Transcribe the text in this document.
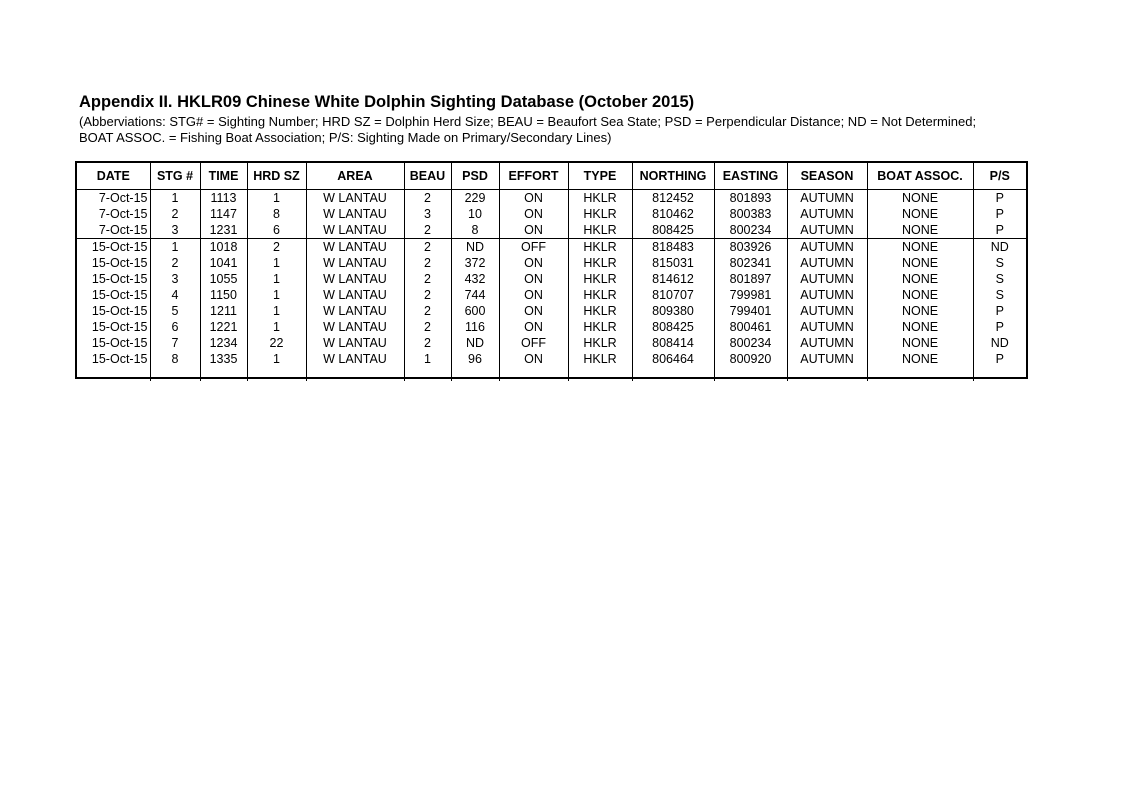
Appendix II. HKLR09 Chinese White Dolphin Sighting Database (October 2015)
(Abberviations: STG# = Sighting Number; HRD SZ = Dolphin Herd Size; BEAU = Beaufort Sea State; PSD = Perpendicular Distance; ND = Not Determined;
BOAT ASSOC. = Fishing Boat Association; P/S: Sighting Made on Primary/Secondary Lines)
DATE	STG #	TIME	HRD SZ	AREA	BEAU	PSD	EFFORT	TYPE	NORTHING	EASTING	SEASON	BOAT ASSOC.	P/S
7-Oct-15	1	1113	1	W LANTAU	2	229	ON	HKLR	812452	801893	AUTUMN	NONE	P
7-Oct-15	2	1147	8	W LANTAU	3	10	ON	HKLR	810462	800383	AUTUMN	NONE	P
7-Oct-15	3	1231	6	W LANTAU	2	8	ON	HKLR	808425	800234	AUTUMN	NONE	P
15-Oct-15	1	1018	2	W LANTAU	2	ND	OFF	HKLR	818483	803926	AUTUMN	NONE	ND
15-Oct-15	2	1041	1	W LANTAU	2	372	ON	HKLR	815031	802341	AUTUMN	NONE	S
15-Oct-15	3	1055	1	W LANTAU	2	432	ON	HKLR	814612	801897	AUTUMN	NONE	S
15-Oct-15	4	1150	1	W LANTAU	2	744	ON	HKLR	810707	799981	AUTUMN	NONE	S
15-Oct-15	5	1211	1	W LANTAU	2	600	ON	HKLR	809380	799401	AUTUMN	NONE	P
15-Oct-15	6	1221	1	W LANTAU	2	116	ON	HKLR	808425	800461	AUTUMN	NONE	P
15-Oct-15	7	1234	22	W LANTAU	2	ND	OFF	HKLR	808414	800234	AUTUMN	NONE	ND
15-Oct-15	8	1335	1	W LANTAU	1	96	ON	HKLR	806464	800920	AUTUMN	NONE	P
